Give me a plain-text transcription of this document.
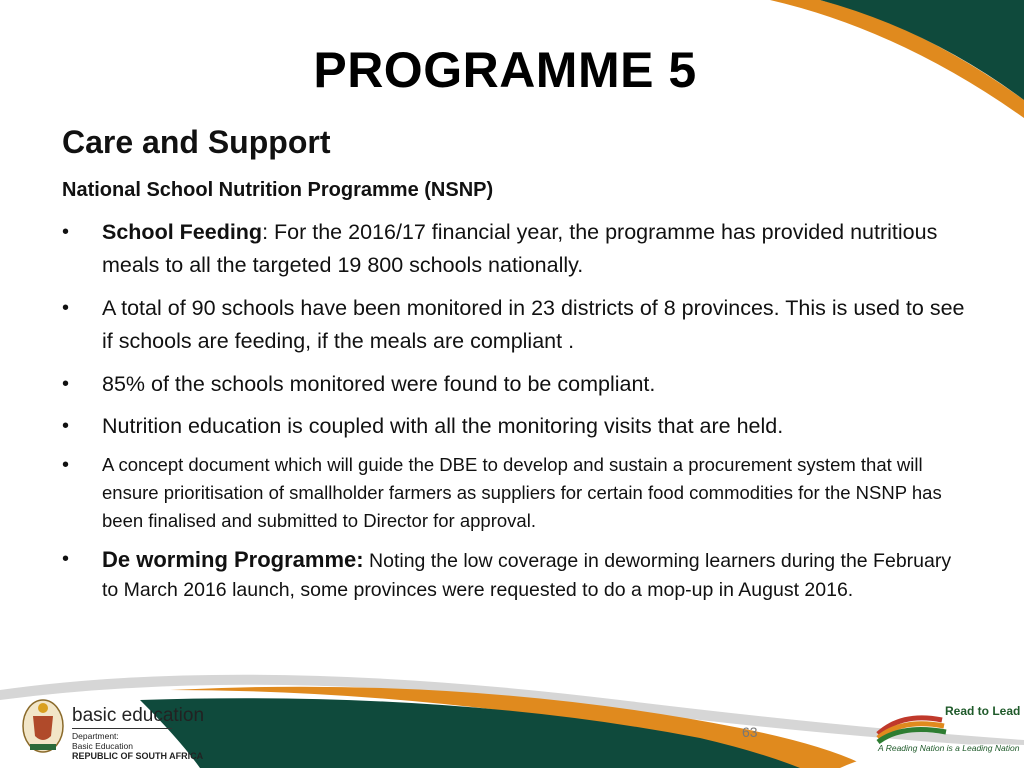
PROGRAMME 5
Care and Support
National School Nutrition Programme (NSNP)
• School Feeding: For the 2016/17 financial year, the programme has provided nutritious meals to all the targeted 19 800 schools nationally.
• A total of 90 schools have been monitored in 23 districts of 8 provinces. This is used to see if schools are feeding, if the meals are compliant .
• 85% of the schools monitored were found to be compliant.
• Nutrition education is coupled with all the monitoring visits that are held.
• A concept document which will guide the DBE to develop and sustain a procurement system that will ensure prioritisation of smallholder farmers as suppliers for certain food commodities for the NSNP has been finalised and submitted to Director for approval.
• De worming Programme: Noting the low coverage in deworming learners during the February to March 2016 launch, some provinces were requested to do a mop-up in August 2016.
63
basic education
Department:
Basic Education
REPUBLIC OF SOUTH AFRICA
Read to Lead
A Reading Nation is a Leading Nation
